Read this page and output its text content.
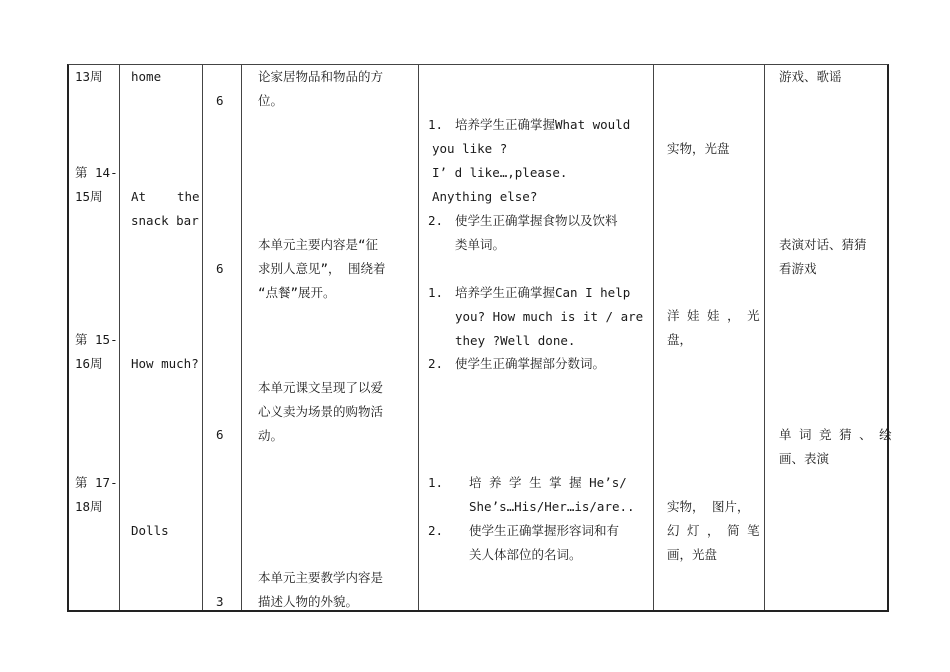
13周
第 14-
15周
第 15-
16周
第 17-
18周
home
At the
snack bar
How much?
Dolls
6
6
6
3
论家居物品和物品的方
位。
本单元主要内容是“征
求别人意见”， 围绕着
“点餐”展开。
本单元课文呈现了以爱
心义卖为场景的购物活
动。
本单元主要教学内容是
描述人物的外貌。
1. 培养学生正确掌握What would
you like ?
I’ d like…,please.
Anything else?
2. 使学生正确掌握食物以及饮料
类单词。
1. 培养学生正确掌握Can I help
you? How much is it / are
they ?Well done.
2. 使学生正确掌握部分数词。
1. 培 养 学 生 掌 握 He’s/
She’s…His/Her…is/are..
2. 使学生正确掌握形容词和有
关人体部位的名词。
实物，光盘
洋 娃 娃 ， 光
盘，
实物， 图片，
幻 灯 ， 简 笔
画，光盘
游戏、歌谣
表演对话、猜猜
看游戏
单 词 竞 猜 、 绘
画、表演
